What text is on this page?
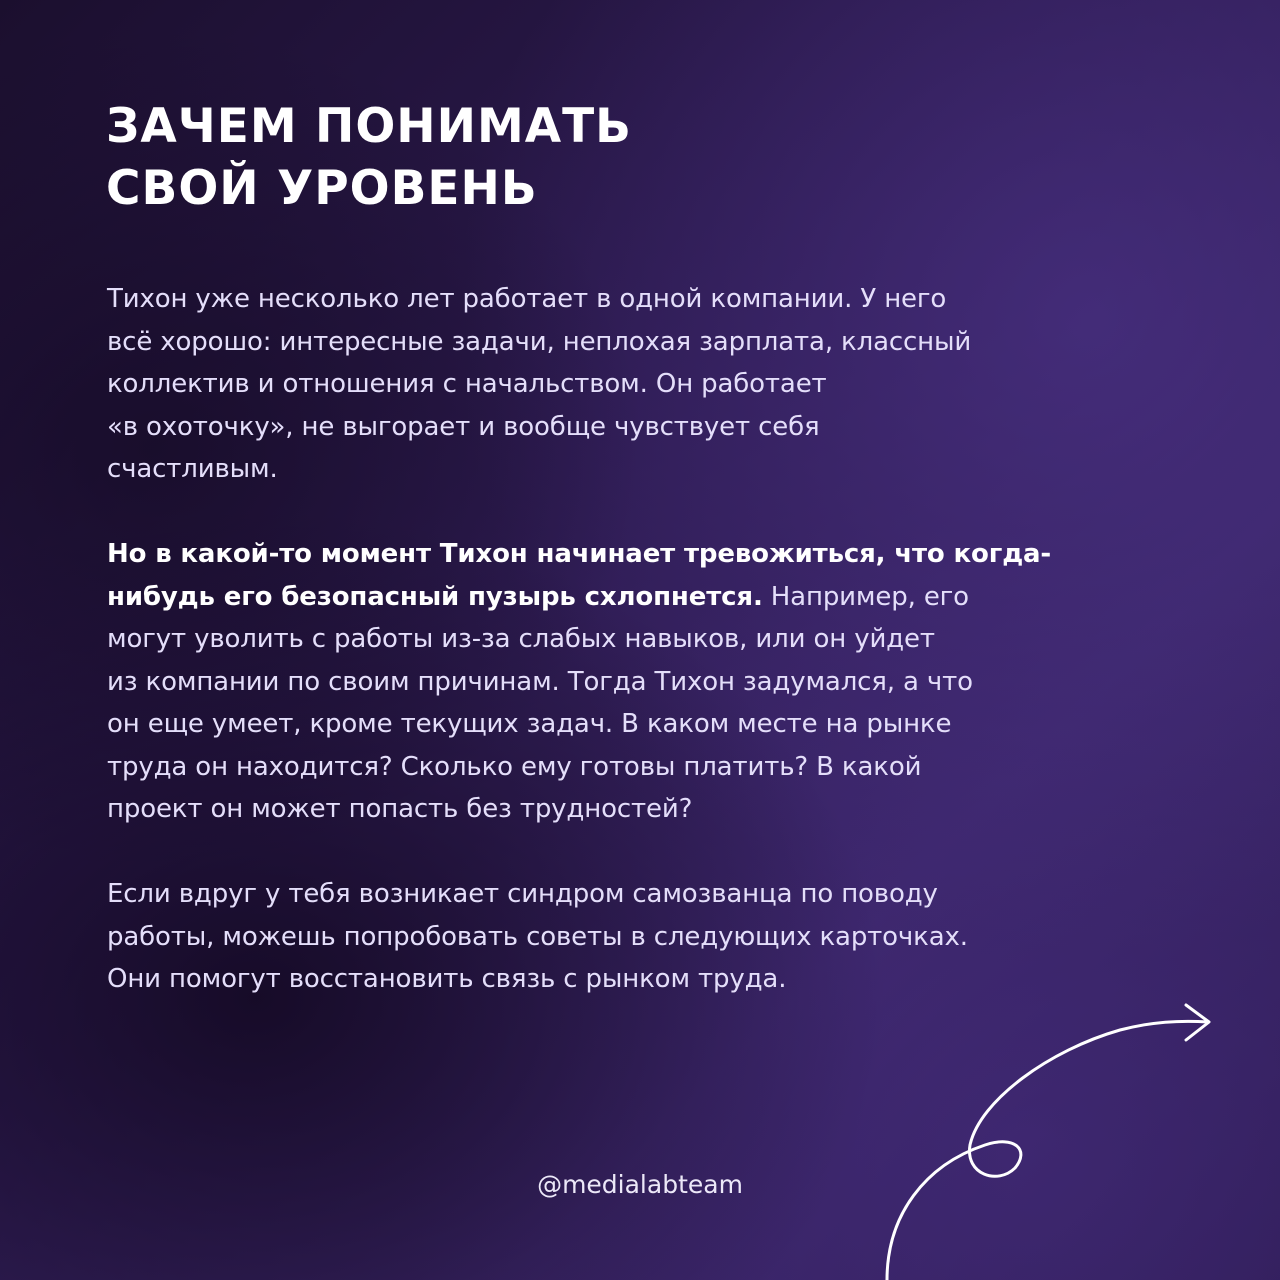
ЗАЧЕМ ПОНИМАТЬ
СВОЙ УРОВЕНЬ

Тихон уже несколько лет работает в одной компании. У него
всё хорошо: интересные задачи, неплохая зарплата, классный
коллектив и отношения с начальством. Он работает
«в охоточку», не выгорает и вообще чувствует себя
счастливым.

Но в какой-то момент Тихон начинает тревожиться, что когда-
нибудь его безопасный пузырь схлопнется. Например, его
могут уволить с работы из-за слабых навыков, или он уйдет
из компании по своим причинам. Тогда Тихон задумался, а что
он еще умеет, кроме текущих задач. В каком месте на рынке
труда он находится? Сколько ему готовы платить? В какой
проект он может попасть без трудностей?

Если вдруг у тебя возникает синдром самозванца по поводу
работы, можешь попробовать советы в следующих карточках.
Они помогут восстановить связь с рынком труда.

@medialabteam
